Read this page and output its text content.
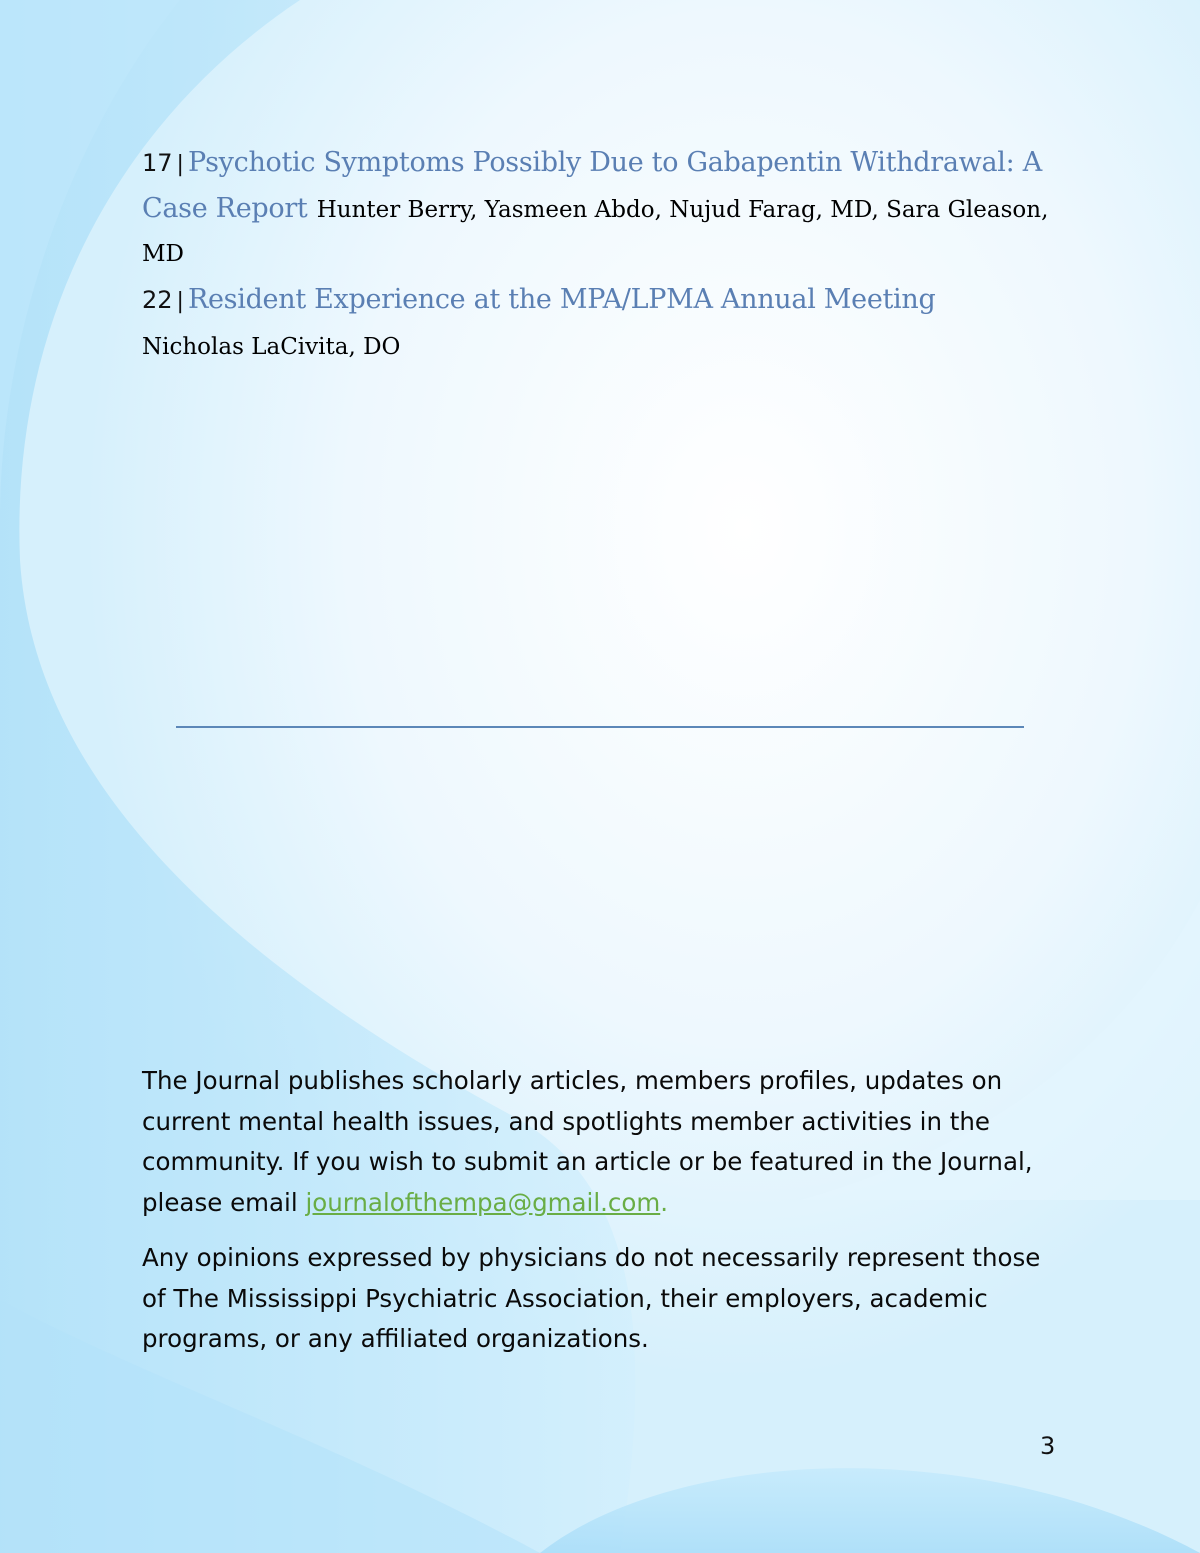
17 | Psychotic Symptoms Possibly Due to Gabapentin Withdrawal: A Case Report Hunter Berry, Yasmeen Abdo, Nujud Farag, MD, Sara Gleason, MD

22 | Resident Experience at the MPA/LPMA Annual Meeting
Nicholas LaCivita, DO

The Journal publishes scholarly articles, members profiles, updates on current mental health issues, and spotlights member activities in the community. If you wish to submit an article or be featured in the Journal, please email journalofthempa@gmail.com.

Any opinions expressed by physicians do not necessarily represent those of The Mississippi Psychiatric Association, their employers, academic programs, or any affiliated organizations.

3
